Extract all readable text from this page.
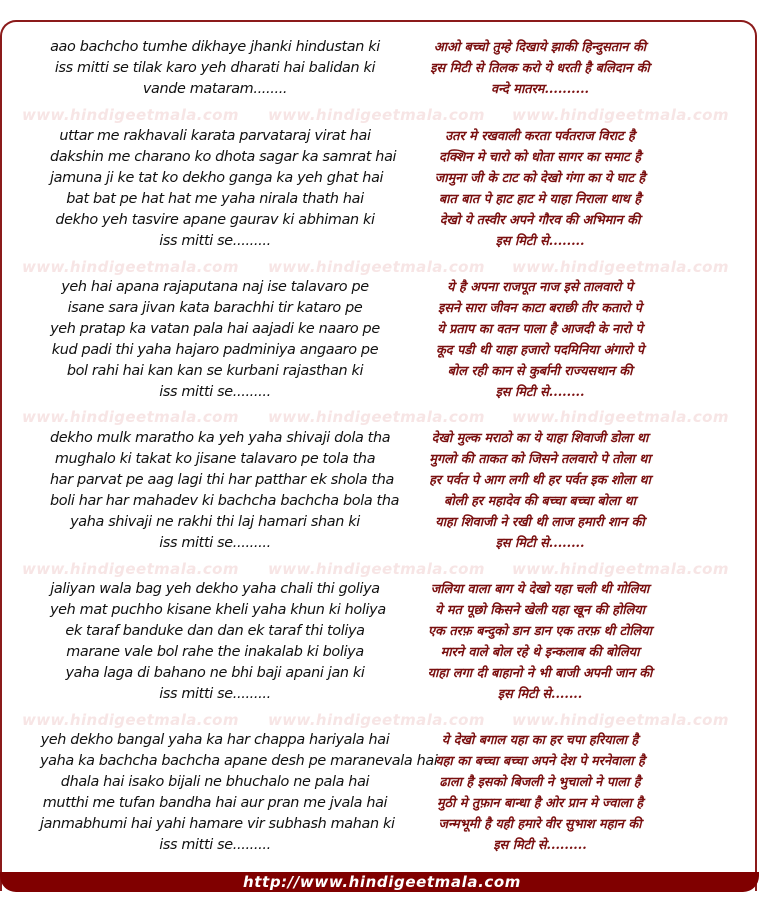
aao bachcho tumhe dikhaye jhanki hindustan ki
iss mitti se tilak karo yeh dharati hai balidan ki
vande mataram........
आओ बच्चो तुम्हे दिखाये झाकी हिन्दुसतान की
इस मिटी से तिलक करो ये धरती है बलिदान की
वन्दे मातरम..........
www.hindigeetmala.com www.hindigeetmala.com www.hindigeetmala.com
uttar me rakhavali karata parvataraj virat hai
dakshin me charano ko dhota sagar ka samrat hai
jamuna ji ke tat ko dekho ganga ka yeh ghat hai
bat bat pe hat hat me yaha nirala thath hai
dekho yeh tasvire apane gaurav ki abhiman ki
iss mitti se.........
उतर मे रखवाली करता पर्वतराज विराट है
दक्शिन मे चारो को धोता सागर का समाट है
जामुना जी के टाट को देखो गंगा का ये घाट है
बात बात पे हाट हाट मे याहा निराला थाथ है
देखो ये तस्वीर अपने गौरव की अभिमान की
इस मिटी से........
www.hindigeetmala.com www.hindigeetmala.com www.hindigeetmala.com
yeh hai apana rajaputana naj ise talavaro pe
isane sara jivan kata barachhi tir kataro pe
yeh pratap ka vatan pala hai aajadi ke naaro pe
kud padi thi yaha hajaro padminiya angaaro pe
bol rahi hai kan kan se kurbani rajasthan ki
iss mitti se.........
ये है अपना राजपूत नाज इसे तालवारो पे
इसने सारा जीवन काटा बराछी तीर कतारो पे
ये प्रताप का वतन पाला है आजदी के नारो पे
कूद पडी थी याहा हजारो पदमिनिया अंगारो पे
बोल रही कान से कुर्बानी राज्यसथान की
इस मिटी से........
www.hindigeetmala.com www.hindigeetmala.com www.hindigeetmala.com
dekho mulk maratho ka yeh yaha shivaji dola tha
mughalo ki takat ko jisane talavaro pe tola tha
har parvat pe aag lagi thi har patthar ek shola tha
boli har har mahadev ki bachcha bachcha bola tha
yaha shivaji ne rakhi thi laj hamari shan ki
iss mitti se.........
देखो मुल्क मराठो का ये याहा शिवाजी डोला था
मुगलो की ताकत को जिसने तलवारो पे तोला था
हर पर्वत पे आग लगी थी हर पर्वत इक शोला था
बोली हर महादेव की बच्चा बच्चा बोला था
याहा शिवाजी ने रखी थी लाज हमारी शान की
इस मिटी से........
www.hindigeetmala.com www.hindigeetmala.com www.hindigeetmala.com
jaliyan wala bag yeh dekho yaha chali thi goliya
yeh mat puchho kisane kheli yaha khun ki holiya
ek taraf banduke dan dan ek taraf thi toliya
marane vale bol rahe the inakalab ki boliya
yaha laga di bahano ne bhi baji apani jan ki
iss mitti se.........
जलिया वाला बाग ये देखो यहा चली थी गोलिया
ये मत पूछो किसने खेली यहा खून की होलिया
एक तरफ़ बन्दुको डान डान एक तरफ़ थी टोलिया
मारने वाले बोल रहे थे इन्कलाब की बोलिया
याहा लगा दी बाहानो ने भी बाजी अपनी जान की
इस मिटी से.......
www.hindigeetmala.com www.hindigeetmala.com www.hindigeetmala.com
yeh dekho bangal yaha ka har chappa hariyala hai
yaha ka bachcha bachcha apane desh pe maranevala hai
dhala hai isako bijali ne bhuchalo ne pala hai
mutthi me tufan bandha hai aur pran me jvala hai
janmabhumi hai yahi hamare vir subhash mahan ki
iss mitti se.........
ये देखो बगाल यहा का हर चपा हरियाला है
यहा का बच्चा बच्चा अपने देश पे मरनेवाला है
ढाला है इसको बिजली ने भुचालो ने पाला है
मुठी मे तुफ़ान बान्धा है ओर प्रान मे ज्वाला है
जन्मभूमी है यही हमारे वीर सुभाश महान की
इस मिटी से.........
http://www.hindigeetmala.com
